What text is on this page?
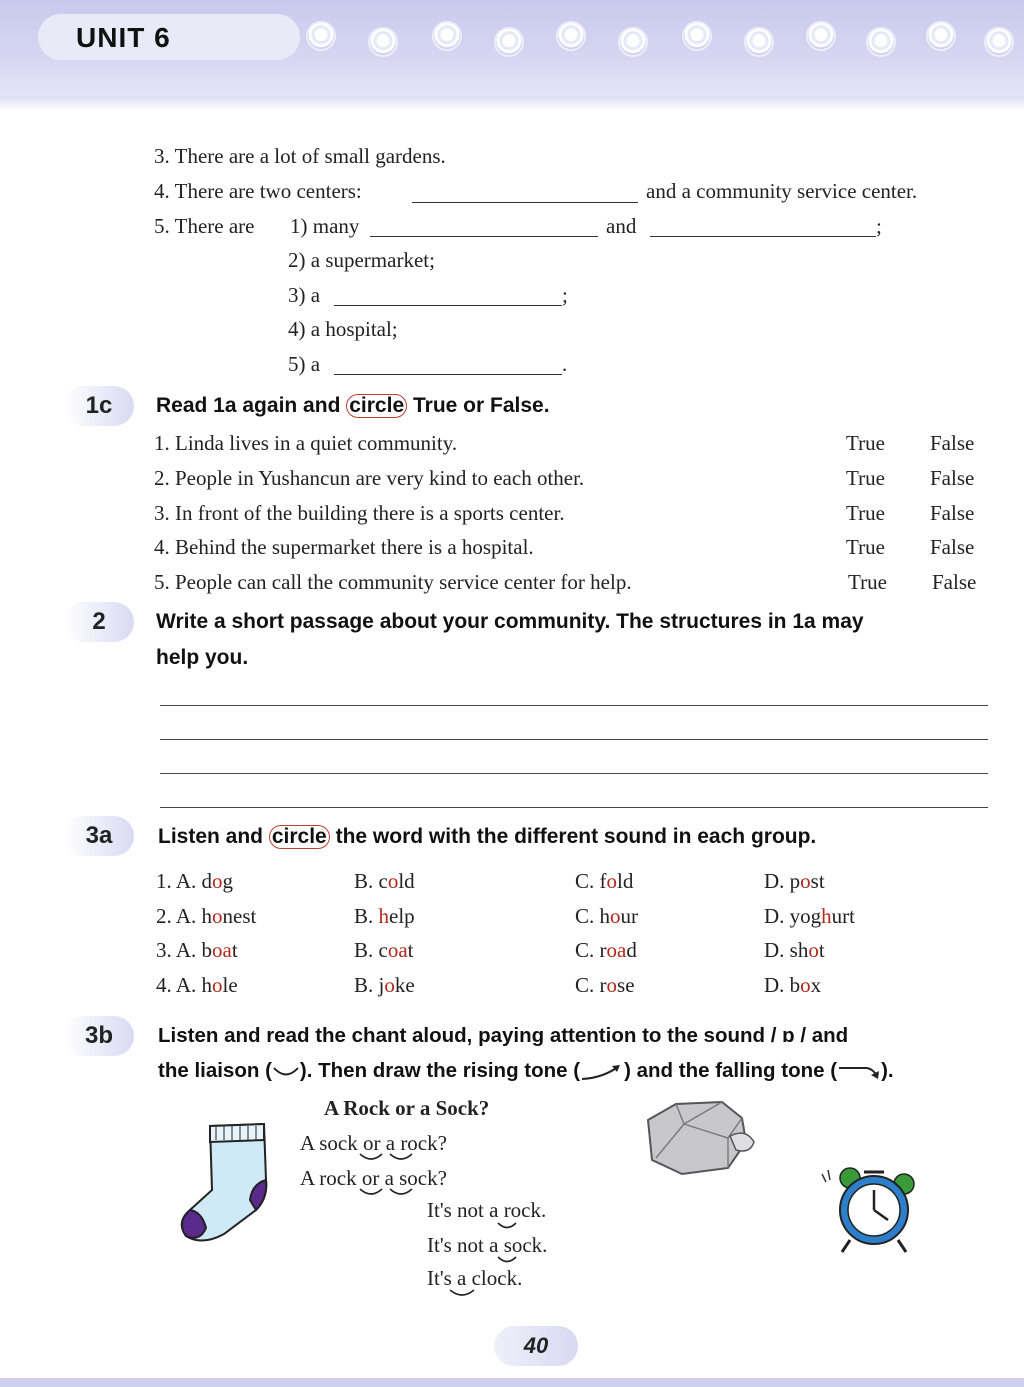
UNIT 6
3. There are a lot of small gardens.
4. There are two centers:	and a community service center.
5. There are 1) many	and	;
2) a supermarket;
3) a	;
4) a hospital;
5) a	.
1c	Read 1a again and circle True or False.
1. Linda lives in a quiet community.	True False
2. People in Yushancun are very kind to each other.	True False
3. In front of the building there is a sports center.	True False
4. Behind the supermarket there is a hospital.	True False
5. People can call the community service center for help.	True False
2	Write a short passage about your community. The structures in 1a may
help you.
3a	Listen and circle the word with the different sound in each group.
1. A. dog	B. cold	C. fold	D. post
2. A. honest	B. help	C. hour	D. yoghurt
3. A. boat	B. coat	C. road	D. shot
4. A. hole	B. joke	C. rose	D. box
3b	Listen and read the chant aloud, paying attention to the sound / ɒ / and
the liaison ( ). Then draw the rising tone ( ) and the falling tone ( ).
A Rock or a Sock?
A sock or a rock?
A rock or a sock?
It's not a rock.
It's not a sock.
It's a clock.
40
